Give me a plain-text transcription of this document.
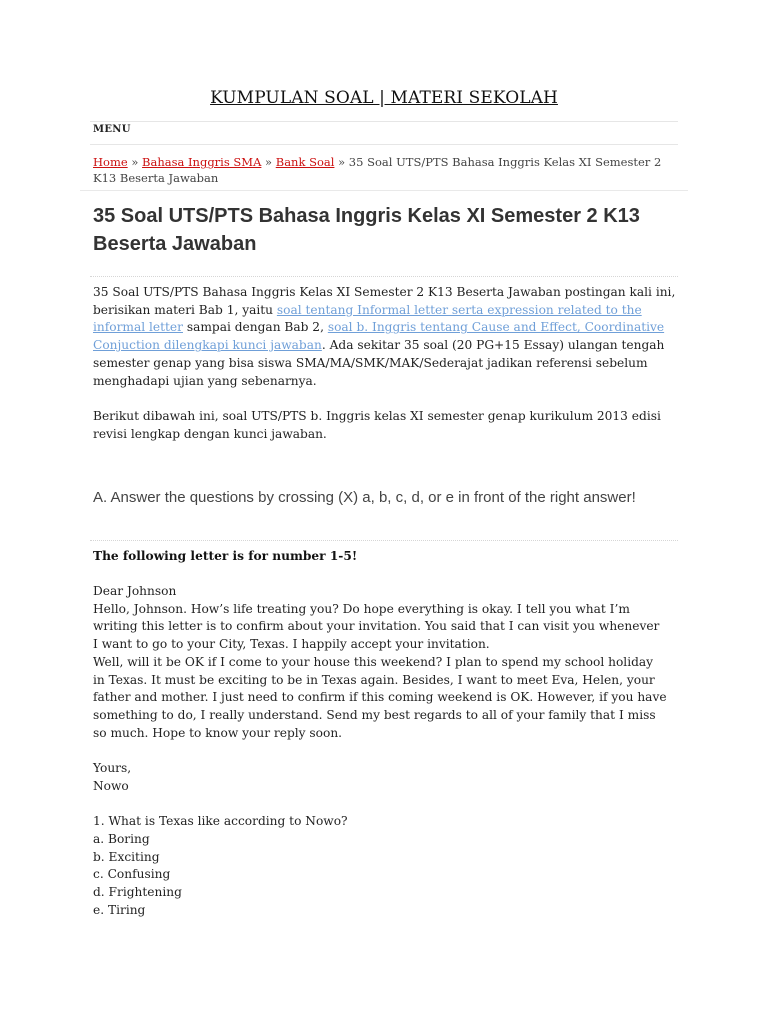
KUMPULAN SOAL | MATERI SEKOLAH
MENU
Home » Bahasa Inggris SMA » Bank Soal » 35 Soal UTS/PTS Bahasa Inggris Kelas XI Semester 2 K13 Beserta Jawaban
35 Soal UTS/PTS Bahasa Inggris Kelas XI Semester 2 K13 Beserta Jawaban

35 Soal UTS/PTS Bahasa Inggris Kelas XI Semester 2 K13 Beserta Jawaban postingan kali ini, berisikan materi Bab 1, yaitu soal tentang Informal letter serta expression related to the informal letter sampai dengan Bab 2, soal b. Inggris tentang Cause and Effect, Coordinative Conjuction dilengkapi kunci jawaban. Ada sekitar 35 soal (20 PG+15 Essay) ulangan tengah semester genap yang bisa siswa SMA/MA/SMK/MAK/Sederajat jadikan referensi sebelum menghadapi ujian yang sebenarnya.

Berikut dibawah ini, soal UTS/PTS b. Inggris kelas XI semester genap kurikulum 2013 edisi revisi lengkap dengan kunci jawaban.

A. Answer the questions by crossing (X) a, b, c, d, or e in front of the right answer!

The following letter is for number 1-5!

Dear Johnson
Hello, Johnson. How’s life treating you? Do hope everything is okay. I tell you what I’m
writing this letter is to confirm about your invitation. You said that I can visit you whenever
I want to go to your City, Texas. I happily accept your invitation.
Well, will it be OK if I come to your house this weekend? I plan to spend my school holiday
in Texas. It must be exciting to be in Texas again. Besides, I want to meet Eva, Helen, your
father and mother. I just need to confirm if this coming weekend is OK. However, if you have
something to do, I really understand. Send my best regards to all of your family that I miss
so much. Hope to know your reply soon.
Yours,
Nowo
1. What is Texas like according to Nowo?
a. Boring
b. Exciting
c. Confusing
d. Frightening
e. Tiring
